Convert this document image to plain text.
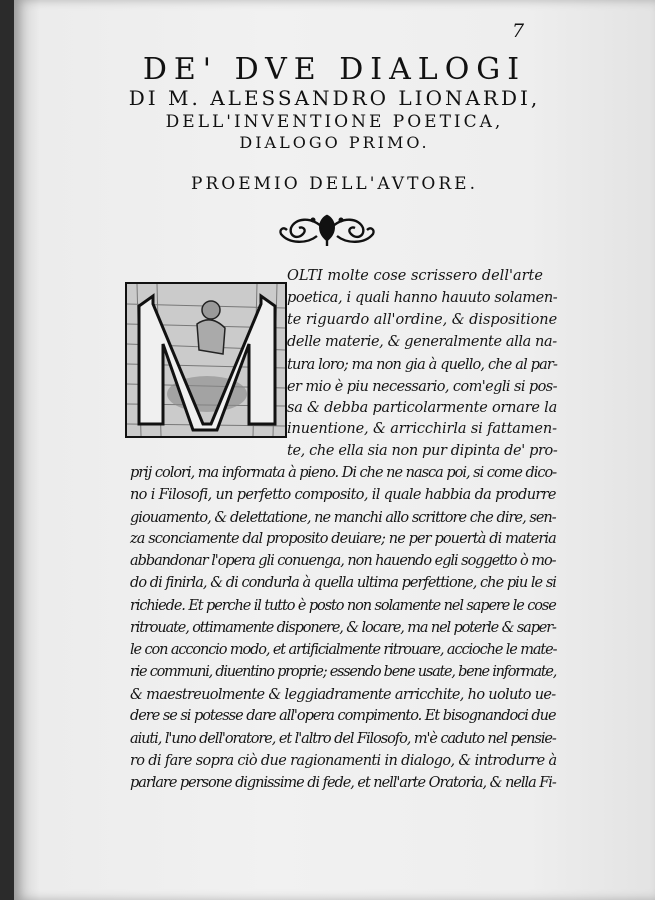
7
DE' DVE DIALOGI
DI M. ALESSANDRO LIONARDI,
DELL'INVENTIONE POETICA,
DIALOGO PRIMO.
PROEMIO DELL'AVTORE.
OLTI molte cose scrissero dell'arte
poetica, i quali hanno hauuto solamen-
te riguardo all'ordine, & dispositione
delle materie, & generalmente alla na-
tura loro; ma non gia à quello, che al par-
er mio è piu necessario, com'egli si pos-
sa & debba particolarmente ornare la
inuentione, & arricchirla si fattamen-
te, che ella sia non pur dipinta de' pro-
prij colori, ma informata à pieno. Di che ne nasca poi, si come dico-
no i Filosofi, un perfetto composito, il quale habbia da produrre
giouamento, & delettatione, ne manchi allo scrittore che dire, sen-
za sconciamente dal proposito deuiare; ne per pouertà di materia
abbandonar l'opera gli conuenga, non hauendo egli soggetto ò mo-
do di finirla, & di condurla à quella ultima perfettione, che piu le si
richiede. Et perche il tutto è posto non solamente nel sapere le cose
ritrouate, ottimamente disponere, & locare, ma nel poterle & saper-
le con acconcio modo, et artificialmente ritrouare, accioche le mate-
rie communi, diuentino proprie; essendo bene usate, bene informate,
& maestreuolmente & leggiadramente arricchite, ho uoluto ue-
dere se si potesse dare all'opera compimento. Et bisognandoci due
aiuti, l'uno dell'oratore, et l'altro del Filosofo, m'è caduto nel pensie-
ro di fare sopra ciò due ragionamenti in dialogo, & introdurre à
parlare persone dignissime di fede, et nell'arte Oratoria, & nella Fi-
